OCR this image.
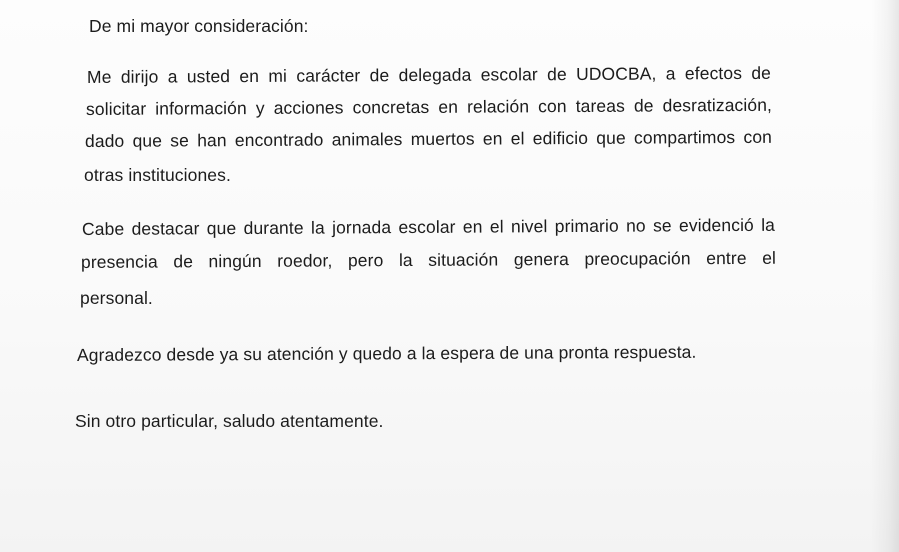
De mi mayor consideración:

Me dirijo a usted en mi carácter de delegada escolar de UDOCBA, a efectos de

solicitar información y acciones concretas en relación con tareas de desratización,

dado que se han encontrado animales muertos en el edificio que compartimos con

otras instituciones.

Cabe destacar que durante la jornada escolar en el nivel primario no se evidenció la

presencia de ningún roedor, pero la situación genera preocupación entre el

personal.

Agradezco desde ya su atención y quedo a la espera de una pronta respuesta.

Sin otro particular, saludo atentamente.
